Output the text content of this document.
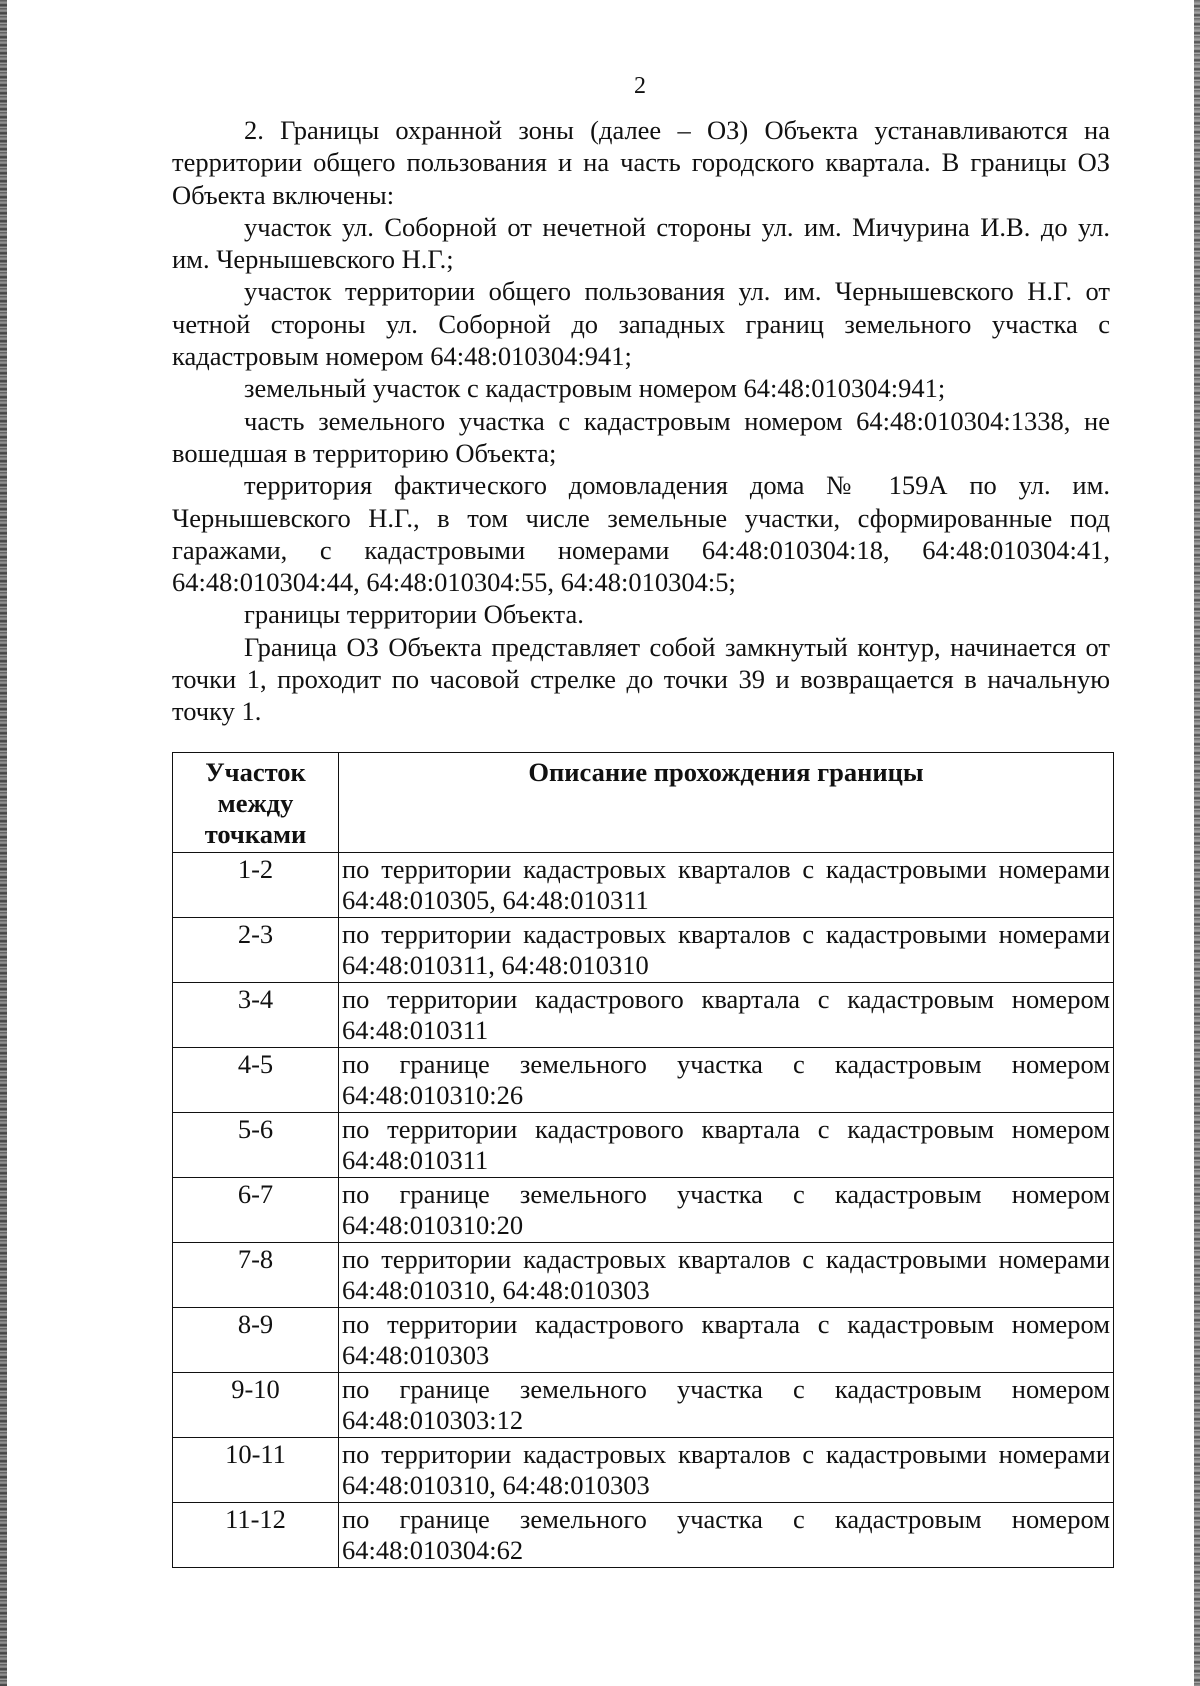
2

2. Границы охранной зоны (далее – ОЗ) Объекта устанавливаются на территории общего пользования и на часть городского квартала. В границы ОЗ Объекта включены:

участок ул. Соборной от нечетной стороны ул. им. Мичурина И.В. до ул. им. Чернышевского Н.Г.;

участок территории общего пользования ул. им. Чернышевского Н.Г. от четной стороны ул. Соборной до западных границ земельного участка с кадастровым номером 64:48:010304:941;

земельный участок с кадастровым номером 64:48:010304:941;

часть земельного участка с кадастровым номером 64:48:010304:1338, не вошедшая в территорию Объекта;

территория фактического домовладения дома № 159А по ул. им. Чернышевского Н.Г., в том числе земельные участки, сформированные под гаражами, с кадастровыми номерами 64:48:010304:18, 64:48:010304:41, 64:48:010304:44, 64:48:010304:55, 64:48:010304:5;

границы территории Объекта.

Граница ОЗ Объекта представляет собой замкнутый контур, начинается от точки 1, проходит по часовой стрелке до точки 39 и возвращается в начальную точку 1.

Участок между точками	Описание прохождения границы
1-2	по территории кадастровых кварталов с кадастровыми номерами 64:48:010305, 64:48:010311
2-3	по территории кадастровых кварталов с кадастровыми номерами 64:48:010311, 64:48:010310
3-4	по территории кадастрового квартала с кадастровым номером 64:48:010311
4-5	по границе земельного участка с кадастровым номером 64:48:010310:26
5-6	по территории кадастрового квартала с кадастровым номером 64:48:010311
6-7	по границе земельного участка с кадастровым номером 64:48:010310:20
7-8	по территории кадастровых кварталов с кадастровыми номерами 64:48:010310, 64:48:010303
8-9	по территории кадастрового квартала с кадастровым номером 64:48:010303
9-10	по границе земельного участка с кадастровым номером 64:48:010303:12
10-11	по территории кадастровых кварталов с кадастровыми номерами 64:48:010310, 64:48:010303
11-12	по границе земельного участка с кадастровым номером 64:48:010304:62
